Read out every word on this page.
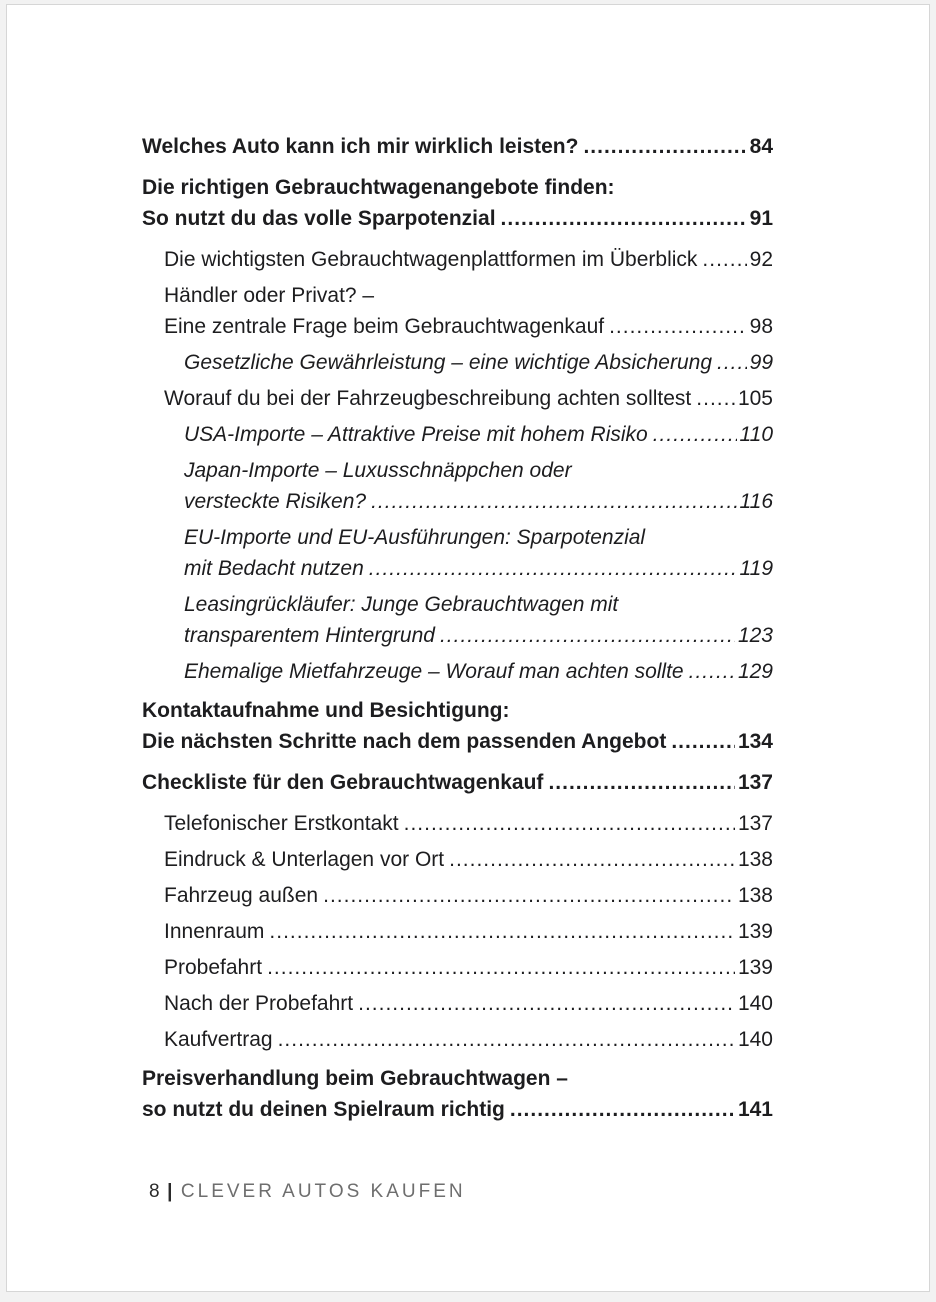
Welches Auto kann ich mir wirklich leisten? .....	84
Die richtigen Gebrauchtwagenangebote finden:
So nutzt du das volle Sparpotenzial .....	91
Die wichtigsten Gebrauchtwagenplattformen im Überblick ..... 92
Händler oder Privat? –
Eine zentrale Frage beim Gebrauchtwagenkauf .....	98
Gesetzliche Gewährleistung – eine wichtige Absicherung ..... 99
Worauf du bei der Fahrzeugbeschreibung achten solltest ..... 105
USA-Importe – Attraktive Preise mit hohem Risiko .....	110
Japan-Importe – Luxusschnäppchen oder
versteckte Risiken? .....	116
EU-Importe und EU-Ausführungen: Sparpotenzial
mit Bedacht nutzen .....	119
Leasingrückläufer: Junge Gebrauchtwagen mit
transparentem Hintergrund .....	123
Ehemalige Mietfahrzeuge – Worauf man achten sollte .....	129
Kontaktaufnahme und Besichtigung:
Die nächsten Schritte nach dem passenden Angebot .....	134
Checkliste für den Gebrauchtwagenkauf .....	137
Telefonischer Erstkontakt .....	137
Eindruck & Unterlagen vor Ort .....	138
Fahrzeug außen .....	138
Innenraum .....	139
Probefahrt .....	139
Nach der Probefahrt .....	140
Kaufvertrag .....	140
Preisverhandlung beim Gebrauchtwagen –
so nutzt du deinen Spielraum richtig .....	141
8 | CLEVER AUTOS KAUFEN
